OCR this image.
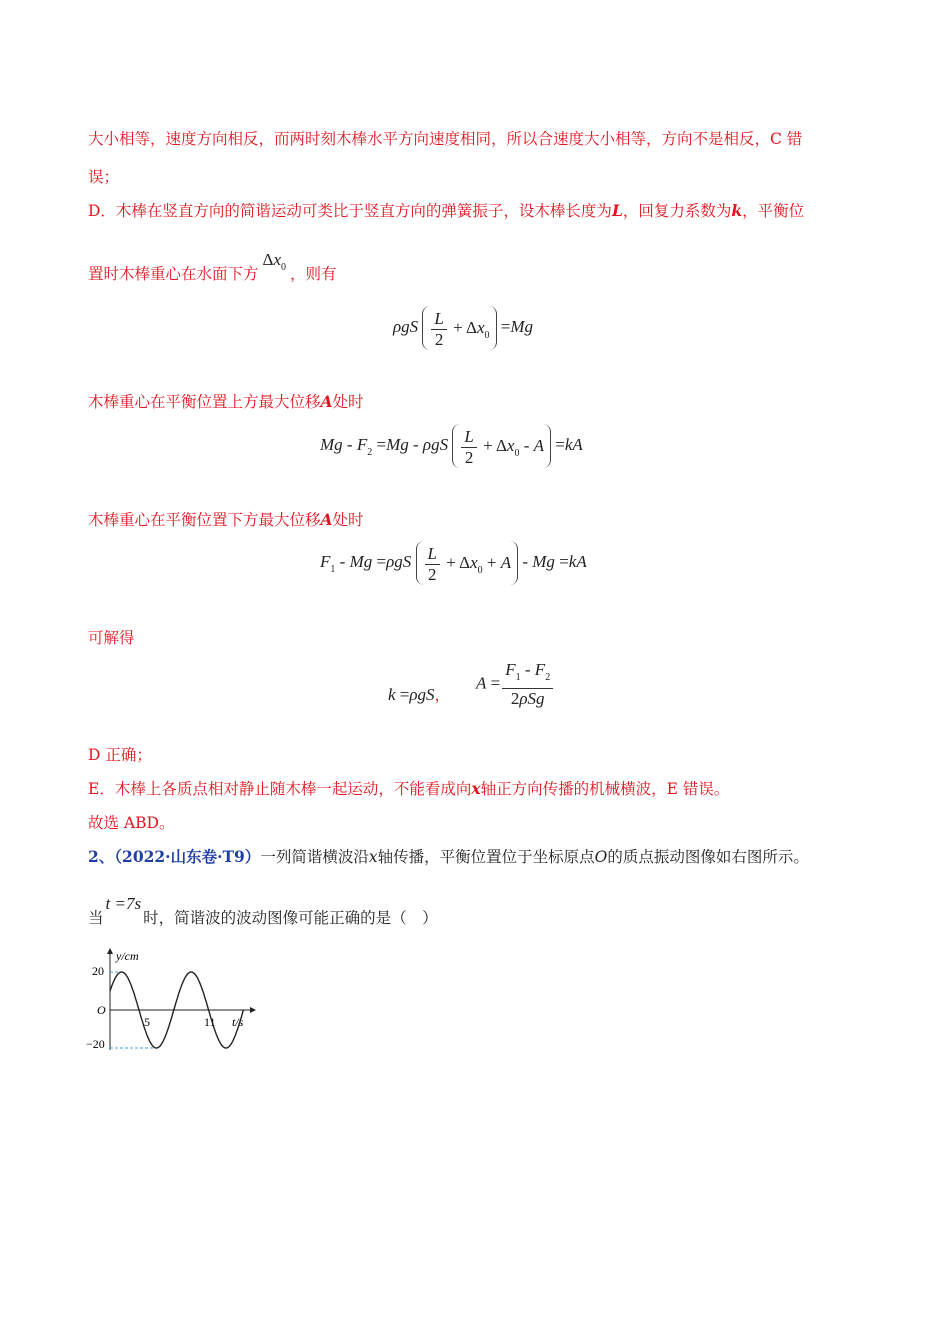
大小相等，速度方向相反，而两时刻木棒水平方向速度相同，所以合速度大小相等，方向不是相反，C 错
误；
D．木棒在竖直方向的简谐运动可类比于竖直方向的弹簧振子，设木棒长度为L，回复力系数为k，平衡位
置时木棒重心在水面下方$\Delta x_0$ ，则有
ρgS $\frac{L}{2} + \Delta x_0 =Mg$
木棒重心在平衡位置上方最大位移A处时
$Mg - F_2 =Mg - \rho gS \frac{L}{2} + \Delta x_0 - A =kA$
木棒重心在平衡位置下方最大位移A处时
$F_1 - Mg =\rho gS \frac{L}{2} + \Delta x_0 + A - Mg =kA$
可解得
k =ρgS，
$A = \frac{F_1 - F_2}{\text{2ρSg}}$
D 正确；
E．木棒上各质点相对静止随木棒一起运动，不能看成向x轴正方向传播的机械横波，E 错误。
故选 ABD。
2、（2022·山东卷·T9）一列简谐横波沿x轴传播，平衡位置位于坐标原点O的质点振动图像如右图所示。
当t =7s时，简谐波的波动图像可能正确的是（　）
y/cm
t/s
O
20
−20
5	11
